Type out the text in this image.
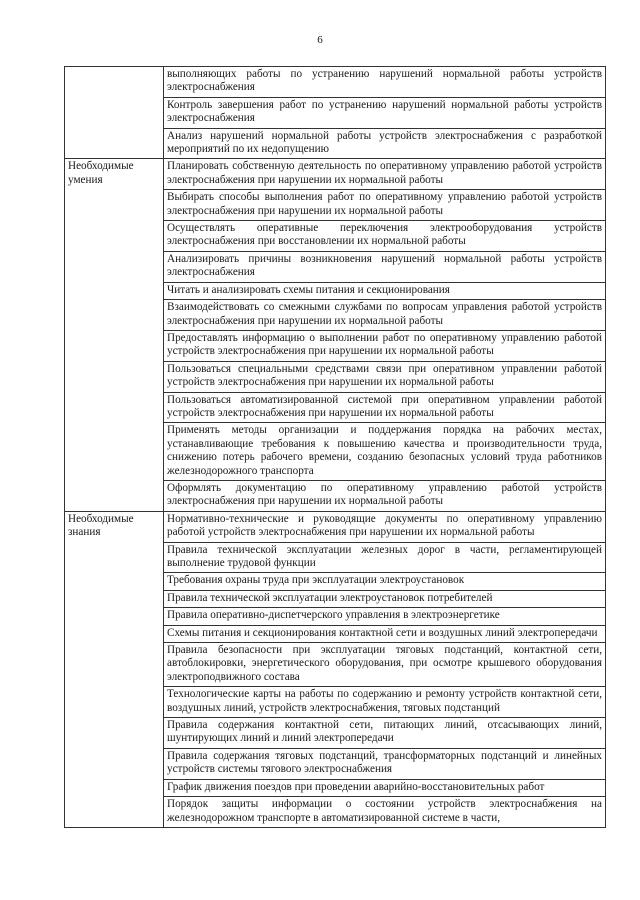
6
	выполняющих работы по устранению нарушений нормальной работы устройств электроснабжения
	Контроль завершения работ по устранению нарушений нормальной работы устройств электроснабжения
	Анализ нарушений нормальной работы устройств электроснабжения с разработкой мероприятий по их недопущению
Необходимые умения	Планировать собственную деятельность по оперативному управлению работой устройств электроснабжения при нарушении их нормальной работы
	Выбирать способы выполнения работ по оперативному управлению работой устройств электроснабжения при нарушении их нормальной работы
	Осуществлять оперативные переключения электрооборудования устройств электроснабжения при восстановлении их нормальной работы
	Анализировать причины возникновения нарушений нормальной работы устройств электроснабжения
	Читать и анализировать схемы питания и секционирования
	Взаимодействовать со смежными службами по вопросам управления работой устройств электроснабжения при нарушении их нормальной работы
	Предоставлять информацию о выполнении работ по оперативному управлению работой устройств электроснабжения при нарушении их нормальной работы
	Пользоваться специальными средствами связи при оперативном управлении работой устройств электроснабжения при нарушении их нормальной работы
	Пользоваться автоматизированной системой при оперативном управлении работой устройств электроснабжения при нарушении их нормальной работы
	Применять методы организации и поддержания порядка на рабочих местах, устанавливающие требования к повышению качества и производительности труда, снижению потерь рабочего времени, созданию безопасных условий труда работников железнодорожного транспорта
	Оформлять документацию по оперативному управлению работой устройств электроснабжения при нарушении их нормальной работы
Необходимые знания	Нормативно-технические и руководящие документы по оперативному управлению работой устройств электроснабжения при нарушении их нормальной работы
	Правила технической эксплуатации железных дорог в части, регламентирующей выполнение трудовой функции
	Требования охраны труда при эксплуатации электроустановок
	Правила технической эксплуатации электроустановок потребителей
	Правила оперативно-диспетчерского управления в электроэнергетике
	Схемы питания и секционирования контактной сети и воздушных линий электропередачи
	Правила безопасности при эксплуатации тяговых подстанций, контактной сети, автоблокировки, энергетического оборудования, при осмотре крышевого оборудования электроподвижного состава
	Технологические карты на работы по содержанию и ремонту устройств контактной сети, воздушных линий, устройств электроснабжения, тяговых подстанций
	Правила содержания контактной сети, питающих линий, отсасывающих линий, шунтирующих линий и линий электропередачи
	Правила содержания тяговых подстанций, трансформаторных подстанций и линейных устройств системы тягового электроснабжения
	График движения поездов при проведении аварийно-восстановительных работ
	Порядок защиты информации о состоянии устройств электроснабжения на железнодорожном транспорте в автоматизированной системе в части,
